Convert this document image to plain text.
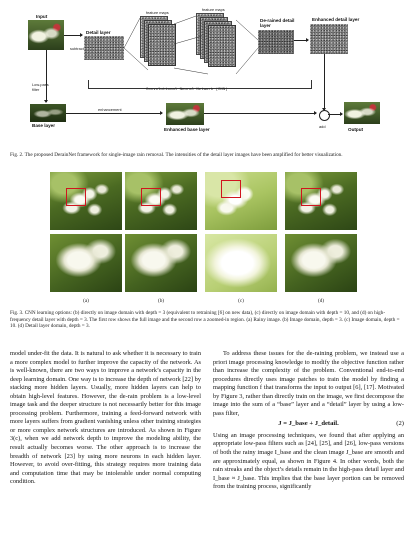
Input
subtract
Detail layer
feature maps
feature maps
De-rained detail layer
Enhanced detail layer
Convolutional Neural Network (CNN)
Low-pass filter
Base layer
enhancement
Enhanced base layer
add
Output
Fig. 2. The proposed DerainNet framework for single-image rain removal. The intensities of the detail layer images have been amplified for better visualization.
(a)	(b)	(c)	(d)
Fig. 3. CNN learning options: (b) directly on image domain with depth = 3 (equivalent to retraining [6] on new data), (c) directly on image domain with depth = 10, and (d) on high-frequency detail layer with depth = 3. The first row shows the full image and the second row a zoomed-in region. (a) Rainy image. (b) Image domain, depth = 3. (c) Image domain, depth = 10. (d) Detail layer domain, depth = 3.

model under-fit the data. It is natural to ask whether it is necessary to train a more complex model to further improve the capacity of the network. As is well-known, there are two ways to improve a network’s capacity in the deep learning domain. One way is to increase the depth of network [22] by stacking more hidden layers. Usually, more hidden layers can help to obtain high-level features. However, the de-rain problem is a low-level image task and the deeper structure is not necessarily better for this image processing problem. Furthermore, training a feed-forward network with more layers suffers from gradient vanishing unless other training strategies or more complex network structures are introduced. As shown in Figure 3(c), when we add network depth to improve the modeling ability, the result actually becomes worse. The other approach is to increase the breadth of network [23] by using more neurons in each hidden layer. However, to avoid over-fitting, this strategy requires more training data and computation time that may be intolerable under normal computing condition.

To address these issues for the de-raining problem, we instead use a priori image processing knowledge to modify the objective function rather than increase the complexity of the problem. Conventional end-to-end procedures directly uses image patches to train the model by finding a mapping function f that transforms the input to output [6], [17]. Motivated by Figure 3, rather than directly train on the image, we first decompose the image into the sum of a “base” layer and a “detail” layer by using a low-pass filter,

J = J_base + J_detail.	(2)

Using an image processing techniques, we found that after applying an appropriate low-pass filters such as [24], [25], and [26], low-pass versions of both the rainy image I_base and the clean image J_base are smooth and are approximately equal, as shown in Figure 4. In other words, both the rain streaks and the object’s details remain in the high-pass detail layer and I_base ≈ J_base. This implies that the base layer portion can be removed from the training process, significantly
